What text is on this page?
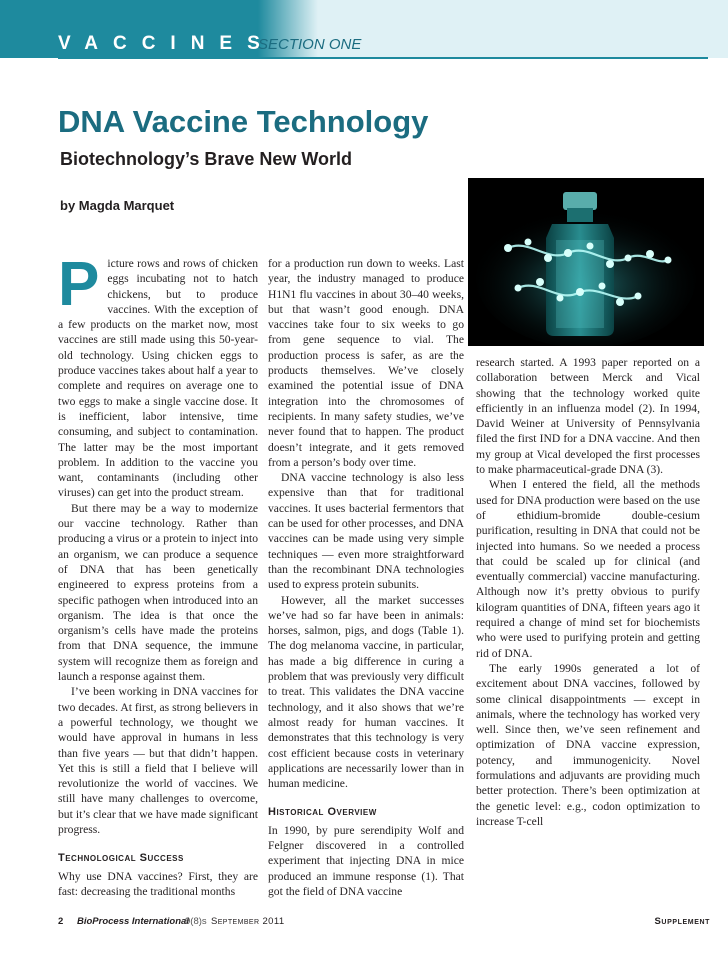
VACCINES
SECTION ONE
DNA Vaccine Technology
Biotechnology’s Brave New World
by Magda Marquet

Picture rows and rows of chicken eggs incubating not to hatch chickens, but to produce vaccines. With the exception of a few products on the market now, most vaccines are still made using this 50-year-old technology. Using chicken eggs to produce vaccines takes about half a year to complete and requires on average one to two eggs to make a single vaccine dose. It is inefficient, labor intensive, time consuming, and subject to contamination. The latter may be the most important problem. In addition to the vaccine you want, contaminants (including other viruses) can get into the product stream.

But there may be a way to modernize our vaccine technology. Rather than producing a virus or a protein to inject into an organism, we can produce a sequence of DNA that has been genetically engineered to express proteins from a specific pathogen when introduced into an organism. The idea is that once the organism’s cells have made the proteins from that DNA sequence, the immune system will recognize them as foreign and launch a response against them.

I’ve been working in DNA vaccines for two decades. At first, as strong believers in a powerful technology, we thought we would have approval in humans in less than five years — but that didn’t happen. Yet this is still a field that I believe will revolutionize the world of vaccines. We still have many challenges to overcome, but it’s clear that we have made significant progress.

Technological Success

Why use DNA vaccines? First, they are fast: decreasing the traditional months

for a production run down to weeks. Last year, the industry managed to produce H1N1 flu vaccines in about 30–40 weeks, but that wasn’t good enough. DNA vaccines take four to six weeks to go from gene sequence to vial. The production process is safer, as are the products themselves. We’ve closely examined the potential issue of DNA integration into the chromosomes of recipients. In many safety studies, we’ve never found that to happen. The product doesn’t integrate, and it gets removed from a person’s body over time.

DNA vaccine technology is also less expensive than that for traditional vaccines. It uses bacterial fermentors that can be used for other processes, and DNA vaccines can be made using very simple techniques — even more straightforward than the recombinant DNA technologies used to express protein subunits.

However, all the market successes we’ve had so far have been in animals: horses, salmon, pigs, and dogs (Table 1). The dog melanoma vaccine, in particular, has made a big difference in curing a problem that was previously very difficult to treat. This validates the DNA vaccine technology, and it also shows that we’re almost ready for human vaccines. It demonstrates that this technology is very cost efficient because costs in veterinary applications are necessarily lower than in human medicine.

Historical Overview

In 1990, by pure serendipity Wolf and Felgner discovered in a controlled experiment that injecting DNA in mice produced an immune response (1). That got the field of DNA vaccine

research started. A 1993 paper reported on a collaboration between Merck and Vical showing that the technology worked quite efficiently in an influenza model (2). In 1994, David Weiner at University of Pennsylvania filed the first IND for a DNA vaccine. And then my group at Vical developed the first processes to make pharmaceutical-grade DNA (3).

When I entered the field, all the methods used for DNA production were based on the use of ethidium-bromide double-cesium purification, resulting in DNA that could not be injected into humans. So we needed a process that could be scaled up for clinical (and eventually commercial) vaccine manufacturing. Although now it’s pretty obvious to purify kilogram quantities of DNA, fifteen years ago it required a change of mind set for biochemists who were used to purifying protein and getting rid of DNA.

The early 1990s generated a lot of excitement about DNA vaccines, followed by some clinical disappointments — except in animals, where the technology has worked very well. Since then, we’ve seen refinement and optimization of DNA vaccine expression, potency, and immunogenicity. Novel formulations and adjuvants are providing much better protection. There’s been optimization at the genetic level: e.g., codon optimization to increase T-cell

2 BioProcess International
9(8)s September 2011	Supplement
